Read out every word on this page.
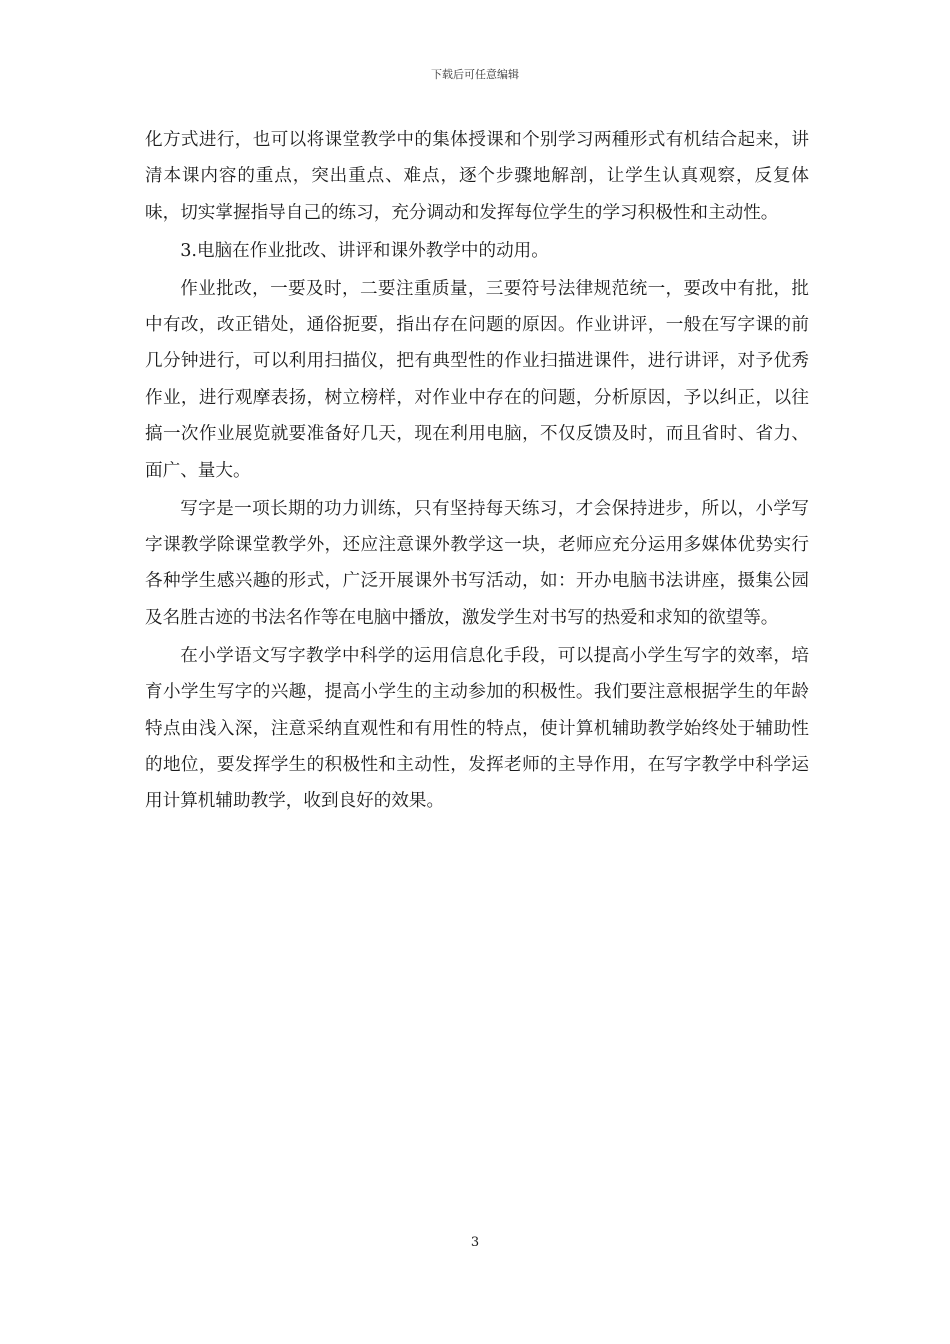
下载后可任意编辑

化方式进行，也可以将课堂教学中的集体授课和个别学习两種形式有机结合起来，讲清本课内容的重点，突出重点、难点，逐个步骤地解剖，让学生认真观察，反复体味，切实掌握指导自己的练习，充分调动和发挥每位学生的学习积极性和主动性。

3.电脑在作业批改、讲评和课外教学中的动用。

作业批改，一要及时，二要注重质量，三要符号法律规范统一，要改中有批，批中有改，改正错处，通俗扼要，指出存在问题的原因。作业讲评，一般在写字课的前几分钟进行，可以利用扫描仪，把有典型性的作业扫描进课件，进行讲评，对予优秀作业，进行观摩表扬，树立榜样，对作业中存在的问题，分析原因，予以纠正，以往搞一次作业展览就要准备好几天，现在利用电脑，不仅反馈及时，而且省时、省力、面广、量大。

写字是一项长期的功力训练，只有坚持每天练习，才会保持进步，所以，小学写字课教学除课堂教学外，还应注意课外教学这一块，老师应充分运用多媒体优势实行各种学生感兴趣的形式，广泛开展课外书写活动，如：开办电脑书法讲座，摄集公园及名胜古迹的书法名作等在电脑中播放，激发学生对书写的热爱和求知的欲望等。

在小学语文写字教学中科学的运用信息化手段，可以提高小学生写字的效率，培育小学生写字的兴趣，提高小学生的主动参加的积极性。我们要注意根据学生的年龄特点由浅入深，注意采纳直观性和有用性的特点，使计算机辅助教学始终处于辅助性的地位，要发挥学生的积极性和主动性，发挥老师的主导作用，在写字教学中科学运用计算机辅助教学，收到良好的效果。

3
